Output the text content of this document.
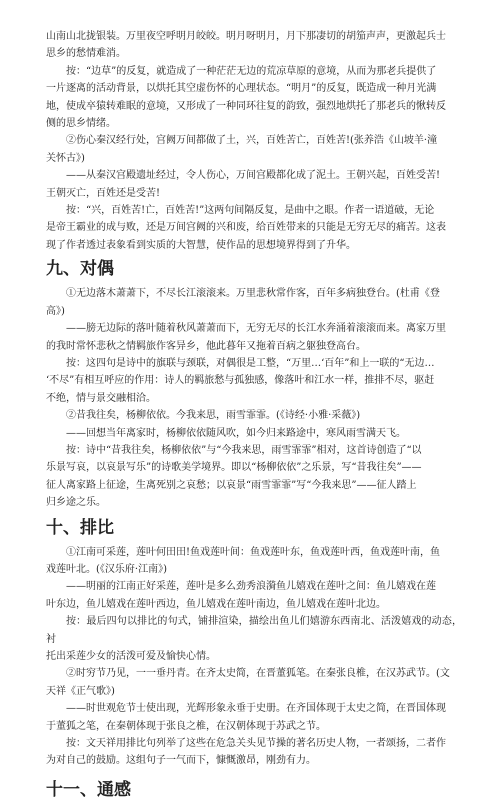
山南山北拢银装。万里夜空呼明月皎皎。明月呀明月，月下那凄切的胡笳声声，更激起兵士

思乡的愁情难消。

按：“边草”的反复，就造成了一种茫茫无边的荒凉草原的意境，从而为那老兵提供了

一片逐离的活动背景，以烘托其空虚伤怀的心理状态。“明月”的反复，既造成一种月光满

地，使成卒猿转难眠的意境，又形成了一种同环往复的韵致，强烈地烘托了那老兵的愀转反

侧的思乡情绪。

②伤心秦汉经行处，宫阙万间都做了土，兴，百姓苦亡，百姓苦!(张养浩《山坡羊·潼

关怀古》)

——从秦汉宫殿遗址经过，令人伤心，万间宫殿都化成了泥土。王朝兴起，百姓受苦!

王朝灭亡，百姓还是受苦!

按：“兴，百姓苦!亡，百姓苦!”这两句间隔反复，是曲中之眼。作者一语道破，无论

是帝王霸业的成与败，还是万间宫阙的兴和废，给百姓带来的只能是无穷无尽的痛苦。这表

现了作者透过表象看到实质的大智慧，使作品的思想境界得到了升华。

九、对偶

①无边落木萧萧下，不尽长江滚滚来。万里悲秋常作客，百年多病独登台。(杜甫《登

高》)

——膀无边际的落叶随着秋风萧萧而下，无穷无尽的长江水奔涌着滚滚而来。离家万里

的我时常怀悲秋之情羁旅作客异乡，他此暮年又拖着百病之躯独登高台。

按：这四句是诗中的旗联与颈联，对偶很是工整，“万里…‘百年”和上一联的“无边…

‘不尽”有相互呼应的作用：诗人的羁旅愁与孤独感，像落叶和江水一样，推排不尽，驱赶

不绝，情与景交融相洽。

②昔我往矣，杨柳依依。今我来思，雨雪霏霏。(《诗经·小雅·采薇》)

——回想当年离家时，杨柳依依随风吹，如今归来路途中，寒风雨雪满天飞。

按：诗中“昔我往矣，杨柳依依”与“今我来思，雨雪霏霏”相对，这首诗创造了“以

乐景写哀，以哀景写乐”的诗歌美学境界。即以“杨柳依依”之乐景，写“昔我往矣”——

征人离家路上征途，生离死别之哀愁；以哀景“雨雪霏霏”写“今我来思”——征人踏上

归乡途之乐。

十、排比

①江南可采莲，莲叶何田田!鱼戏莲叶间：鱼戏莲叶东，鱼戏莲叶西，鱼戏莲叶南，鱼

戏莲叶北。(《汉乐府·江南》)

——明丽的江南正好采莲，莲叶是多么劲秀浪漪鱼儿嬉戏在莲叶之间：鱼儿嬉戏在莲

叶东边，鱼儿嬉戏在莲叶西边，鱼儿嬉戏在莲叶南边，鱼儿嬉戏在莲叶北边。

按：最后四句以排比的句式，铺排渲染，描绘出鱼儿们嬉游东西南北、活泼嬉戏的动态，衬

托出采莲少女的活泼可爱及愉快心情。

②时穷节乃见，一一垂丹青。在齐太史简，在晋董狐笔。在秦张良椎，在汉苏武节。(文

天祥《正气歌》)

——时世观危节士使出现，光辉形象永垂于史册。在齐国体现于太史之简，在晋国体现

于董狐之笔，在秦朝体现于张良之椎，在汉朝体现于苏武之节。

按：文天祥用排比句列举了这些在危急关头见节操的著名历史人物，一者颂扬，二者作

为对自己的鼓励。这组句子一气而下，慷慨激昂，刚劲有力。

十一、通感
